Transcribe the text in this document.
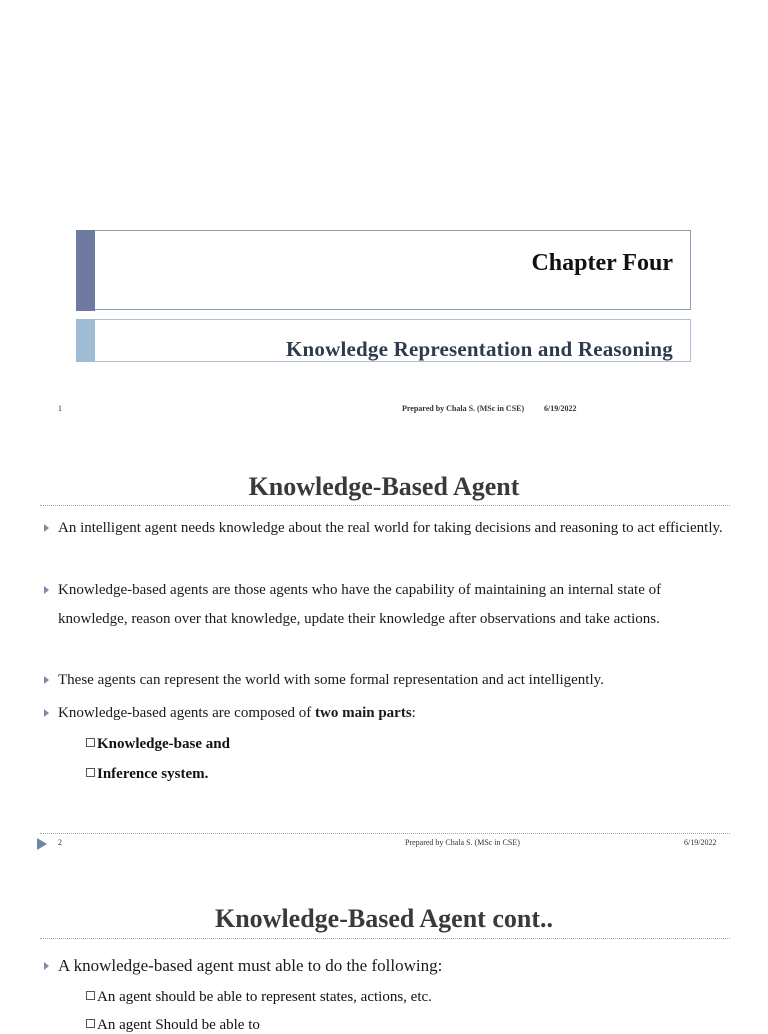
Chapter Four
Knowledge Representation and Reasoning
1	Prepared by Chala S. (MSc in CSE) 6/19/2022
Knowledge-Based Agent
An intelligent agent needs knowledge about the real world for taking decisions and reasoning to act efficiently.
Knowledge-based agents are those agents who have the capability of maintaining an internal state of knowledge, reason over that knowledge, update their knowledge after observations and take actions.
These agents can represent the world with some formal representation and act intelligently.
Knowledge-based agents are composed of two main parts:
Knowledge-base and
Inference system.
2	Prepared by Chala S. (MSc in CSE)	6/19/2022
Knowledge-Based Agent cont..
A knowledge-based agent must able to do the following:
An agent should be able to represent states, actions, etc.
An agent Should be able to
